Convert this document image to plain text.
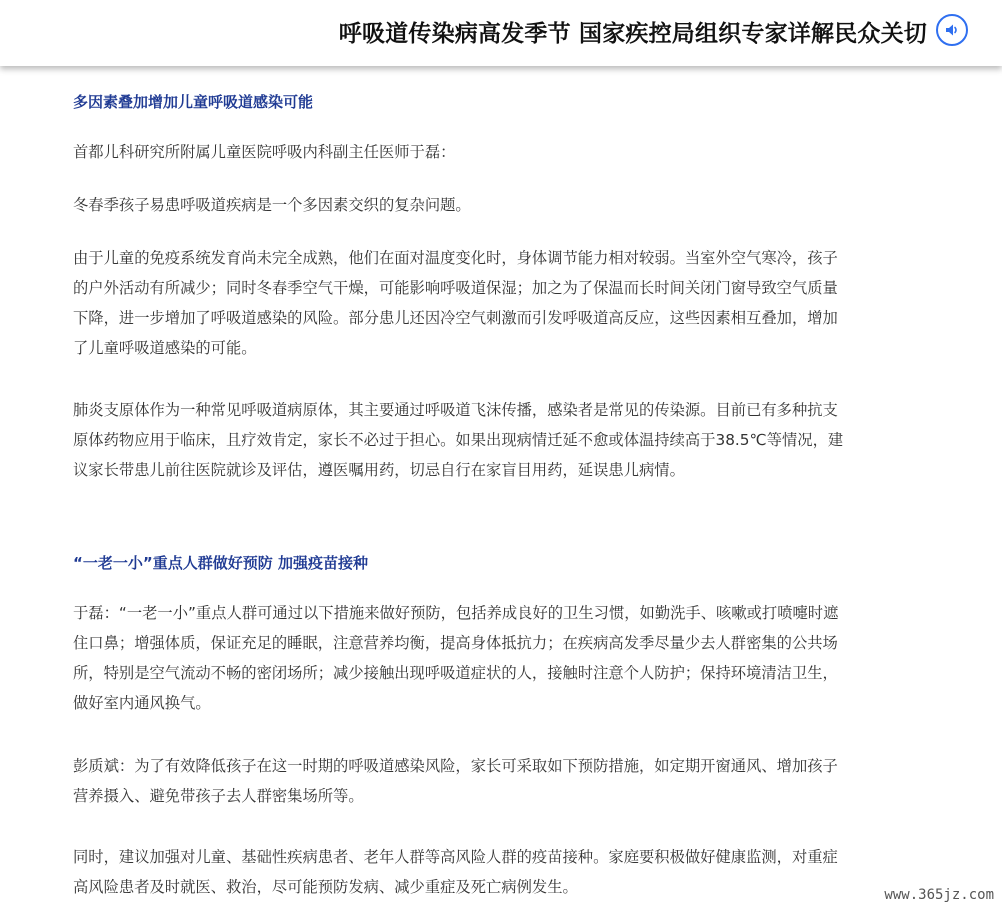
呼吸道传染病高发季节 国家疾控局组织专家详解民众关切
多因素叠加增加儿童呼吸道感染可能
首都儿科研究所附属儿童医院呼吸内科副主任医师于磊：
冬春季孩子易患呼吸道疾病是一个多因素交织的复杂问题。
由于儿童的免疫系统发育尚未完全成熟，他们在面对温度变化时，身体调节能力相对较弱。当室外空气寒冷，孩子的户外活动有所减少；同时冬春季空气干燥，可能影响呼吸道保湿；加之为了保温而长时间关闭门窗导致空气质量下降，进一步增加了呼吸道感染的风险。部分患儿还因冷空气刺激而引发呼吸道高反应，这些因素相互叠加，增加了儿童呼吸道感染的可能。
肺炎支原体作为一种常见呼吸道病原体，其主要通过呼吸道飞沫传播，感染者是常见的传染源。目前已有多种抗支原体药物应用于临床，且疗效肯定，家长不必过于担心。如果出现病情迁延不愈或体温持续高于38.5℃等情况，建议家长带患儿前往医院就诊及评估，遵医嘱用药，切忌自行在家盲目用药，延误患儿病情。
“一老一小”重点人群做好预防 加强疫苗接种
于磊：“一老一小”重点人群可通过以下措施来做好预防，包括养成良好的卫生习惯，如勤洗手、咳嗽或打喷嚏时遮住口鼻；增强体质，保证充足的睡眠，注意营养均衡，提高身体抵抗力；在疾病高发季尽量少去人群密集的公共场所，特别是空气流动不畅的密闭场所；减少接触出现呼吸道症状的人，接触时注意个人防护；保持环境清洁卫生，做好室内通风换气。
彭质斌：为了有效降低孩子在这一时期的呼吸道感染风险，家长可采取如下预防措施，如定期开窗通风、增加孩子营养摄入、避免带孩子去人群密集场所等。
同时，建议加强对儿童、基础性疾病患者、老年人群等高风险人群的疫苗接种。家庭要积极做好健康监测，对重症高风险患者及时就医、救治，尽可能预防发病、减少重症及死亡病例发生。	www.365jz.com
